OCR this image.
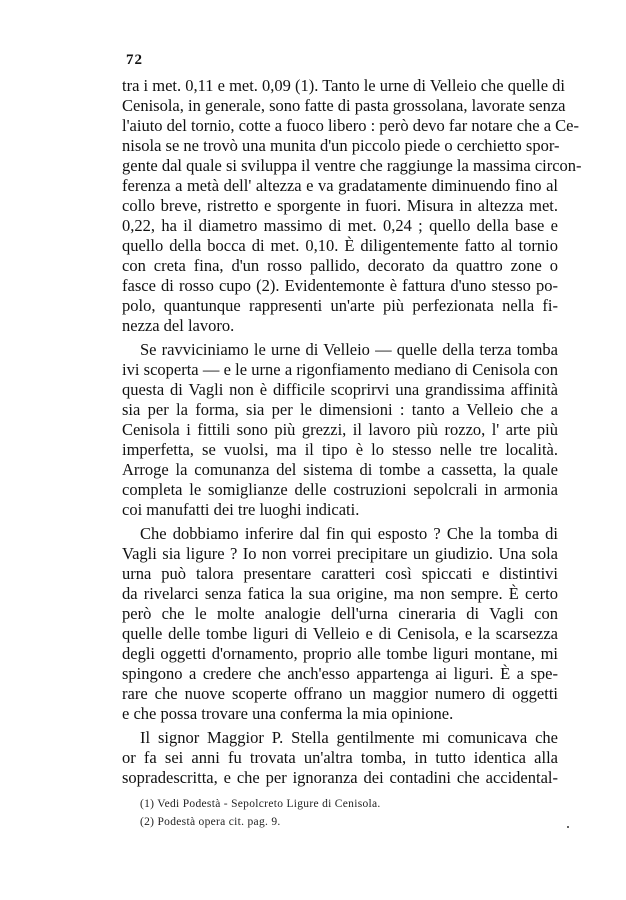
72
tra i met. 0,11 e met. 0,09 (1). Tanto le urne di Velleio che quelle di
Cenisola, in generale, sono fatte di pasta grossolana, lavorate senza
l'aiuto del tornio, cotte a fuoco libero : però devo far notare che a Ce-
nisola se ne trovò una munita d'un piccolo piede o cerchietto spor-
gente dal quale si sviluppa il ventre che raggiunge la massima circon-
ferenza a metà dell' altezza e va gradatamente diminuendo fino al
collo breve, ristretto e sporgente in fuori. Misura in altezza met.
0,22, ha il diametro massimo di met. 0,24 ; quello della base e
quello della bocca di met. 0,10. È diligentemente fatto al tornio
con creta fina, d'un rosso pallido, decorato da quattro zone o
fasce di rosso cupo (2). Evidentemonte è fattura d'uno stesso po-
polo, quantunque rappresenti un'arte più perfezionata nella fi-
nezza del lavoro.
Se ravviciniamo le urne di Velleio — quelle della terza tomba
ivi scoperta — e le urne a rigonfiamento mediano di Cenisola con
questa di Vagli non è difficile scoprirvi una grandissima affinità
sia per la forma, sia per le dimensioni : tanto a Velleio che a
Cenisola i fittili sono più grezzi, il lavoro più rozzo, l' arte più
imperfetta, se vuolsi, ma il tipo è lo stesso nelle tre località.
Arroge la comunanza del sistema di tombe a cassetta, la quale
completa le somiglianze delle costruzioni sepolcrali in armonia
coi manufatti dei tre luoghi indicati.
Che dobbiamo inferire dal fin qui esposto ? Che la tomba di
Vagli sia ligure ? Io non vorrei precipitare un giudizio. Una sola
urna può talora presentare caratteri così spiccati e distintivi
da rivelarci senza fatica la sua origine, ma non sempre. È certo
però che le molte analogie dell'urna cineraria di Vagli con
quelle delle tombe liguri di Velleio e di Cenisola, e la scarsezza
degli oggetti d'ornamento, proprio alle tombe liguri montane, mi
spingono a credere che anch'esso appartenga ai liguri. È a spe-
rare che nuove scoperte offrano un maggior numero di oggetti
e che possa trovare una conferma la mia opinione.
Il signor Maggior P. Stella gentilmente mi comunicava che
or fa sei anni fu trovata un'altra tomba, in tutto identica alla
sopradescritta, e che per ignoranza dei contadini che accidental-
(1) Vedi Podestà - Sepolcreto Ligure di Cenisola.
(2) Podestà opera cit. pag. 9.
